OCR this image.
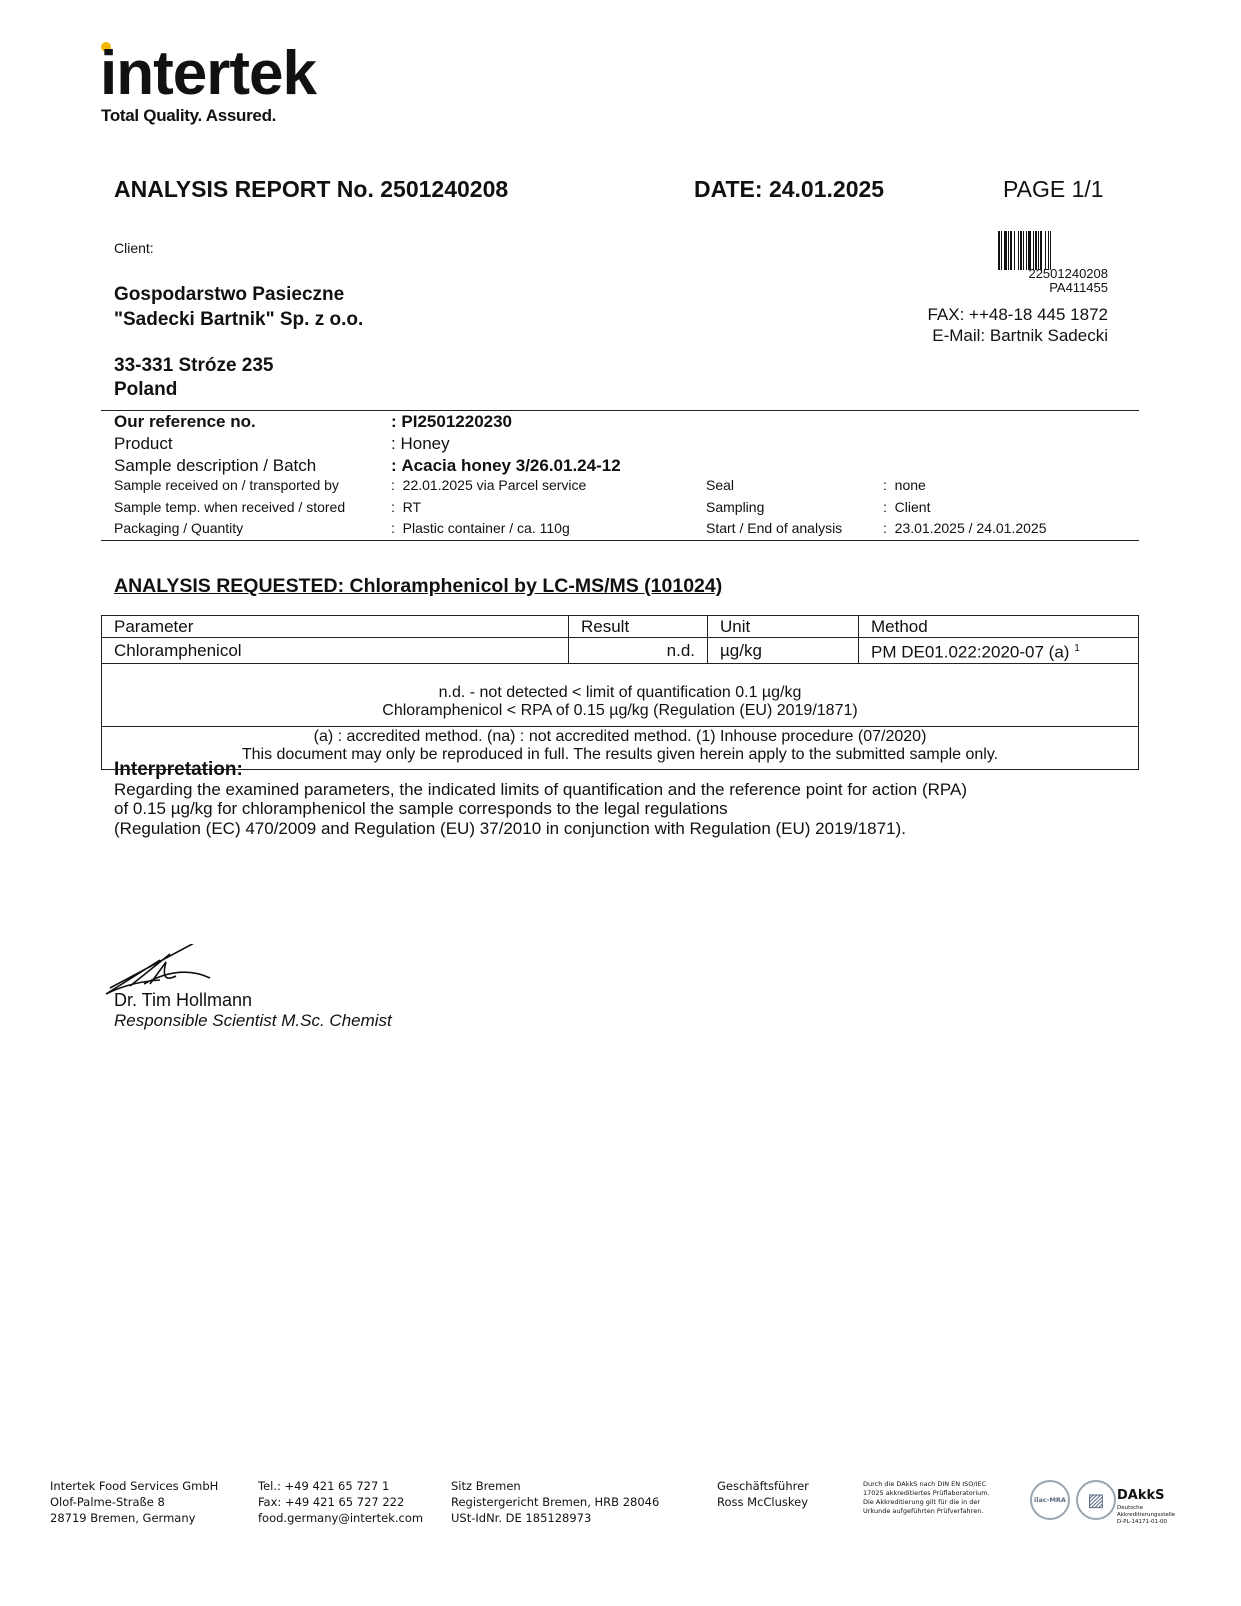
intertek
Total Quality. Assured.
ANALYSIS REPORT No. 2501240208	DATE: 24.01.2025	PAGE 1/1
Client:
Gospodarstwo Pasieczne
"Sadecki Bartnik" Sp. z o.o.
33-331 Stróze 235
Poland
22501240208
PA411455
FAX: ++48-18 445 1872
E-Mail: Bartnik Sadecki
Our reference no.	: PI2501220230
Product	: Honey
Sample description / Batch	: Acacia honey 3/26.01.24-12
Sample received on / transported by	: 22.01.2025 via Parcel service
Sample temp. when received / stored	: RT
Packaging / Quantity	: Plastic container / ca. 110g
Seal	: none
Sampling	: Client
Start / End of analysis	: 23.01.2025 / 24.01.2025
ANALYSIS REQUESTED: Chloramphenicol by LC-MS/MS (101024)
Parameter	Result	Unit	Method
Chloramphenicol	n.d.	µg/kg	PM DE01.022:2020-07 (a) $^1$

n.d. - not detected < limit of quantification 0.1 µg/kg
Chloramphenicol < RPA of 0.15 µg/kg (Regulation (EU) 2019/1871)			

(a) : accredited method. (na) : not accredited method. (1) Inhouse procedure (07/2020)
This document may only be reproduced in full. The results given herein apply to the submitted sample only.			
Interpretation:
Regarding the examined parameters, the indicated limits of quantification and the reference point for action (RPA)
of 0.15 µg/kg for chloramphenicol the sample corresponds to the legal regulations
(Regulation (EC) 470/2009 and Regulation (EU) 37/2010 in conjunction with Regulation (EU) 2019/1871).
Dr. Tim Hollmann
Responsible Scientist M.Sc. Chemist
Intertek Food Services GmbH
Olof-Palme-Straße 8
28719 Bremen, Germany
Tel.: +49 421 65 727 1
Fax: +49 421 65 727 222
food.germany@intertek.com
Sitz Bremen
Registergericht Bremen, HRB 28046
USt-IdNr. DE 185128973
Geschäftsführer
Ross McCluskey
Durch die DAkkS nach DIN EN ISO/IEC
17025 akkreditiertes Prüflaboratorium.
Die Akkreditierung gilt für die in der
Urkunde aufgeführten Prüfverfahren.
ilac-MRA ▨ DAkkS
Deutsche
Akkreditierungsstelle
D-PL-14171-01-00
